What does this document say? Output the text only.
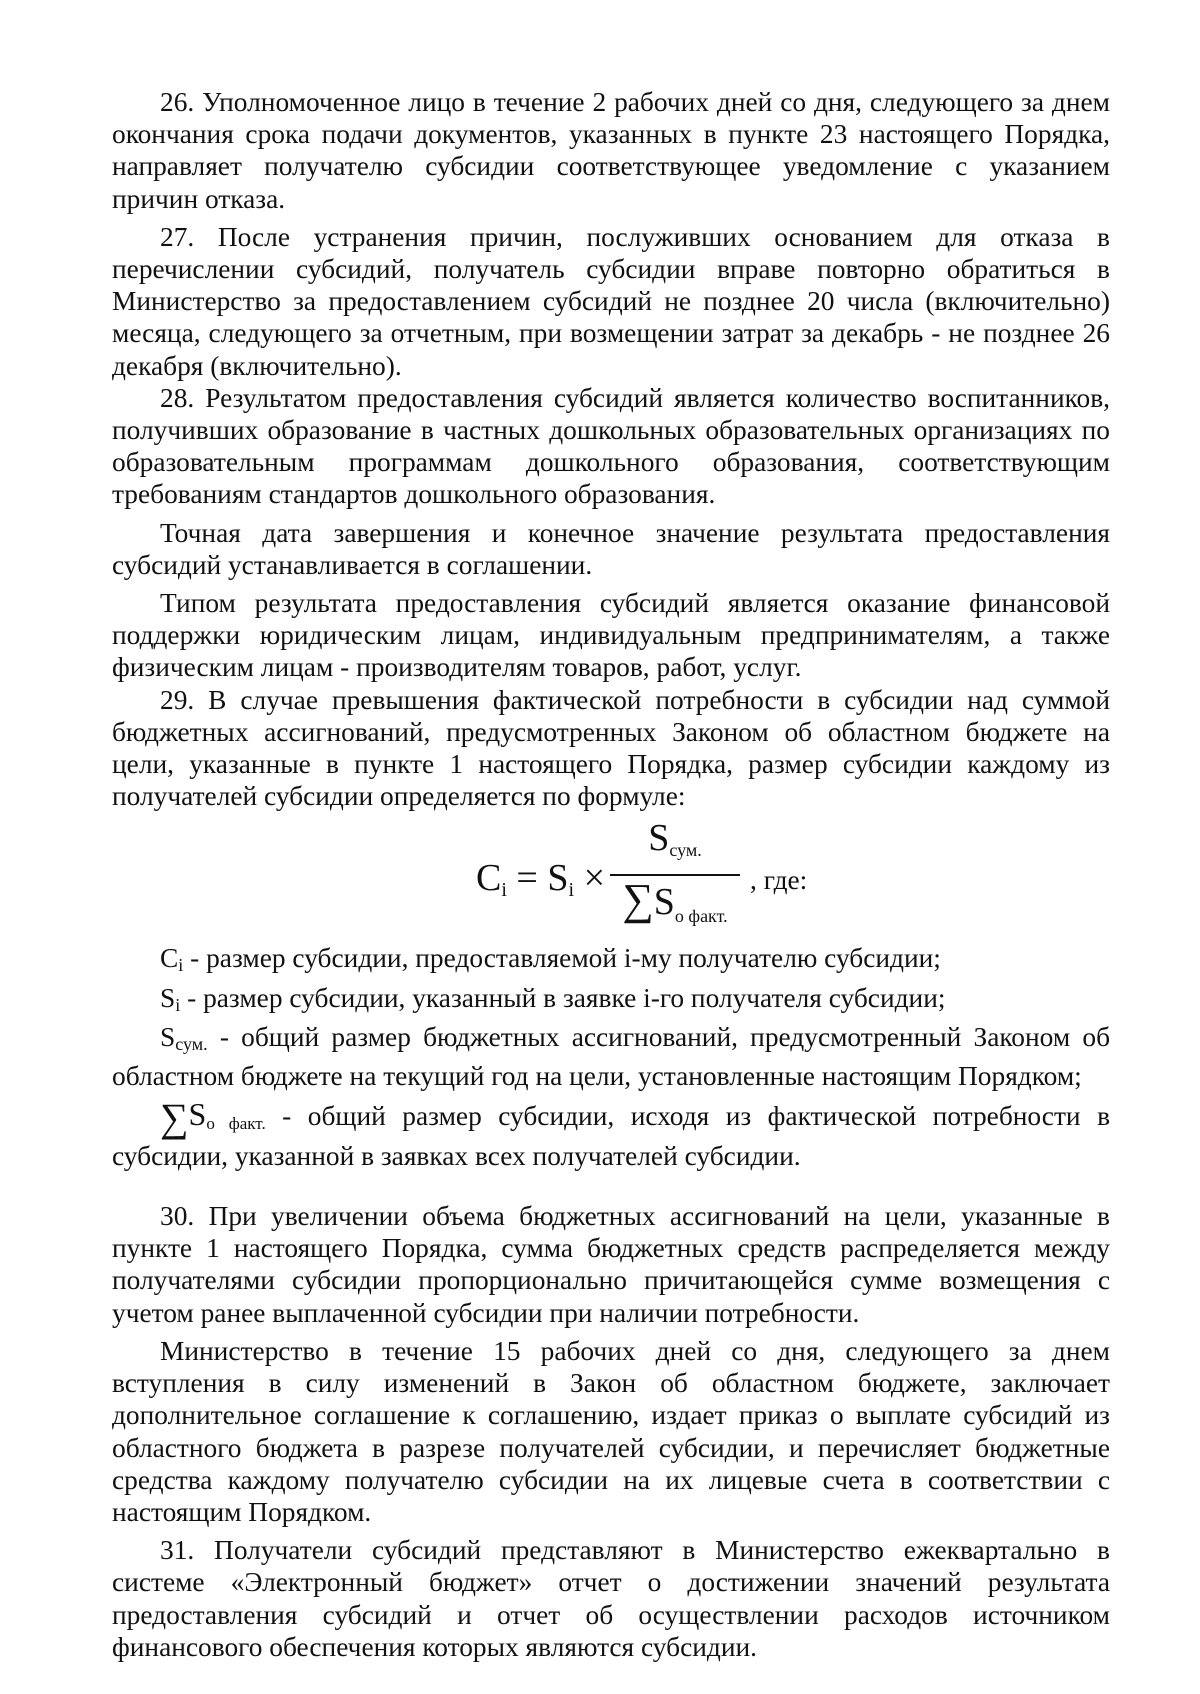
26. Уполномоченное лицо в течение 2 рабочих дней со дня, следующего за днем окончания срока подачи документов, указанных в пункте 23 настоящего Порядка, направляет получателю субсидии соответствующее уведомление с указанием причин отказа.

27. После устранения причин, послуживших основанием для отказа в перечислении субсидий, получатель субсидии вправе повторно обратиться в Министерство за предоставлением субсидий не позднее 20 числа (включительно) месяца, следующего за отчетным, при возмещении затрат за декабрь - не позднее 26 декабря (включительно).

28. Результатом предоставления субсидий является количество воспитанников, получивших образование в частных дошкольных образовательных организациях по образовательным программам дошкольного образования, соответствующим требованиям стандартов дошкольного образования.

Точная дата завершения и конечное значение результата предоставления субсидий устанавливается в соглашении.

Типом результата предоставления субсидий является оказание финансовой поддержки юридическим лицам, индивидуальным предпринимателям, а также физическим лицам - производителям товаров, работ, услуг.

29. В случае превышения фактической потребности в субсидии над суммой бюджетных ассигнований, предусмотренных Законом об областном бюджете на цели, указанные в пункте 1 настоящего Порядка, размер субсидии каждому из получателей субсидии определяется по формуле:

$C_i = S_i$ ×
$S_{сум.}$
$\sum S_{о факт.}$
, где:

$C_i$ - размер субсидии, предоставляемой i-му получателю субсидии;

$S_i$ - размер субсидии, указанный в заявке i-го получателя субсидии;

$S_{сум.}$ - общий размер бюджетных ассигнований, предусмотренный Законом об областном бюджете на текущий год на цели, установленные настоящим Порядком;

$\sum S_{о факт.}$ - общий размер субсидии, исходя из фактической потребности в субсидии, указанной в заявках всех получателей субсидии.

30. При увеличении объема бюджетных ассигнований на цели, указанные в пункте 1 настоящего Порядка, сумма бюджетных средств распределяется между получателями субсидии пропорционально причитающейся сумме возмещения с учетом ранее выплаченной субсидии при наличии потребности.

Министерство в течение 15 рабочих дней со дня, следующего за днем вступления в силу изменений в Закон об областном бюджете, заключает дополнительное соглашение к соглашению, издает приказ о выплате субсидий из областного бюджета в разрезе получателей субсидии, и перечисляет бюджетные средства каждому получателю субсидии на их лицевые счета в соответствии с настоящим Порядком.

31. Получатели субсидий представляют в Министерство ежеквартально в системе «Электронный бюджет» отчет о достижении значений результата предоставления субсидий и отчет об осуществлении расходов источником финансового обеспечения которых являются субсидии.
